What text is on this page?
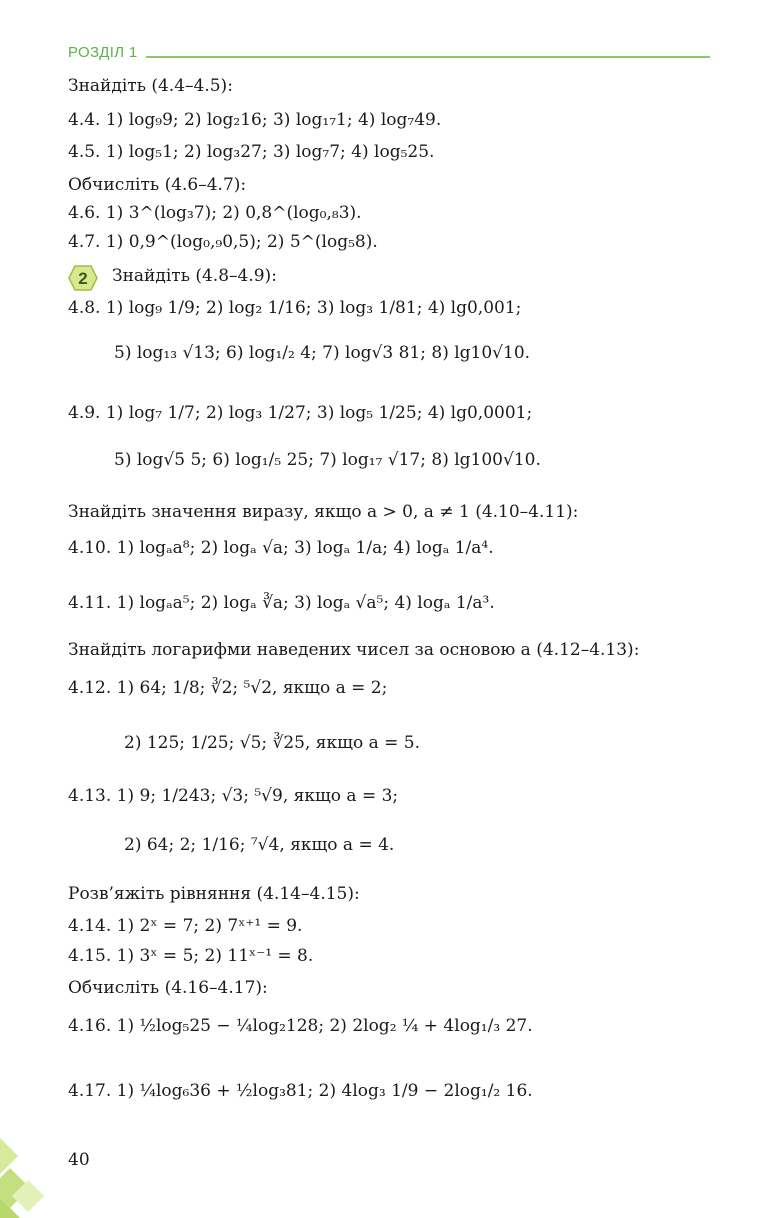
РОЗДІЛ 1
Знайдіть (4.4–4.5):
4.4. 1) log₉9; 2) log₂16; 3) log₁₇1; 4) log₇49.
4.5. 1) log₅1; 2) log₃27; 3) log₇7; 4) log₅25.
Обчисліть (4.6–4.7):
4.6. 1) 3^(log₃7); 2) 0,8^(log₀,₈3).
4.7. 1) 0,9^(log₀,₉0,5); 2) 5^(log₅8).
2 Знайдіть (4.8–4.9):
4.8. 1) log₉ 1/9; 2) log₂ 1/16; 3) log₃ 1/81; 4) lg0,001;
5) log₁₃ √13; 6) log₁/₂ 4; 7) log√3 81; 8) lg10√10.
4.9. 1) log₇ 1/7; 2) log₃ 1/27; 3) log₅ 1/25; 4) lg0,0001;
5) log√5 5; 6) log₁/₅ 25; 7) log₁₇ √17; 8) lg100√10.
Знайдіть значення виразу, якщо a > 0, a ≠ 1 (4.10–4.11):
4.10. 1) logₐa⁸; 2) logₐ √a; 3) logₐ 1/a; 4) logₐ 1/a⁴.
4.11. 1) logₐa⁵; 2) logₐ ∛a; 3) logₐ √a⁵; 4) logₐ 1/a³.
Знайдіть логарифми наведених чисел за основою a (4.12–4.13):
4.12. 1) 64; 1/8; ∛2; ⁵√2, якщо a = 2;
2) 125; 1/25; √5; ∛25, якщо a = 5.
4.13. 1) 9; 1/243; √3; ⁵√9, якщо a = 3;
2) 64; 2; 1/16; ⁷√4, якщо a = 4.
Розв’яжіть рівняння (4.14–4.15):
4.14. 1) 2ˣ = 7; 2) 7ˣ⁺¹ = 9.
4.15. 1) 3ˣ = 5; 2) 11ˣ⁻¹ = 8.
Обчисліть (4.16–4.17):
4.16. 1) ½log₅25 − ¼log₂128; 2) 2log₂ ¼ + 4log₁/₃ 27.
4.17. 1) ¼log₆36 + ½log₃81; 2) 4log₃ 1/9 − 2log₁/₂ 16.
40
